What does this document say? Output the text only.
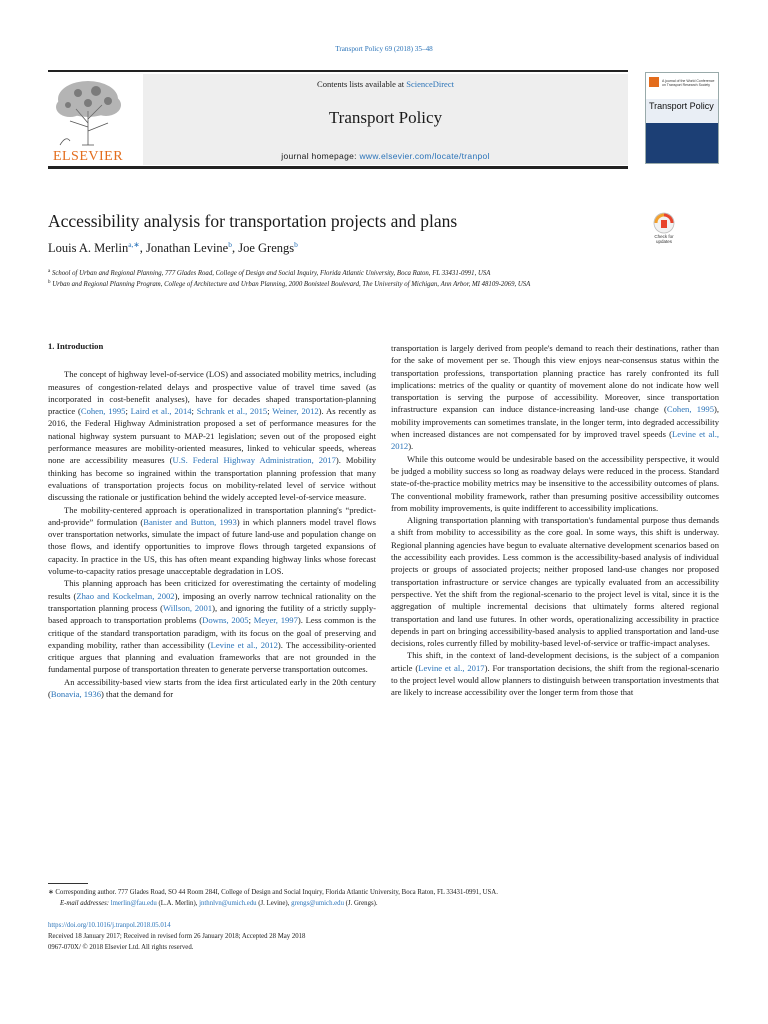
Transport Policy 69 (2018) 35–48
ELSEVIER
Contents lists available at ScienceDirect
Transport Policy
journal homepage: www.elsevier.com/locate/tranpol
A journal of the World Conference on Transport Research Society
Transport Policy
Accessibility analysis for transportation projects and plans
Louis A. Merlin$^{a,∗}$, Jonathan Levine$^b$, Joe Grengs$^b$
Check for updates
$^a$ School of Urban and Regional Planning, 777 Glades Road, College of Design and Social Inquiry, Florida Atlantic University, Boca Raton, FL 33431-0991, USA
$^b$ Urban and Regional Planning Program, College of Architecture and Urban Planning, 2000 Bonisteel Boulevard, The University of Michigan, Ann Arbor, MI 48109-2069, USA
1. Introduction

The concept of highway level-of-service (LOS) and associated mobility metrics, including measures of congestion-related delays and prospective value of travel time saved (as incorporated in cost-benefit analyses), have for decades shaped transportation-planning practice (Cohen, 1995; Laird et al., 2014; Schrank et al., 2015; Weiner, 2012). As recently as 2016, the Federal Highway Administration proposed a set of performance measures for the national highway system pursuant to MAP-21 legislation; seven out of the proposed eight performance measures are mobility-oriented measures, linked to vehicular speeds, whereas none are accessibility measures (U.S. Federal Highway Administration, 2017). Mobility thinking has become so ingrained within the transportation planning profession that many evaluations of transportation projects focus on mobility-related level of service without discussing the rationale or justification behind the widely accepted level-of-service measure.

The mobility-centered approach is operationalized in transportation planning's “predict-and-provide” formulation (Banister and Button, 1993) in which planners model travel flows over transportation networks, simulate the impact of future land-use and population change on those flows, and identify opportunities to improve flows through targeted expansions of capacity. In practice in the US, this has often meant expanding highway links whose forecast volume-to-capacity ratios presage unacceptable degradation in LOS.

This planning approach has been criticized for overestimating the certainty of modeling results (Zhao and Kockelman, 2002), imposing an overly narrow technical rationality on the transportation planning process (Willson, 2001), and ignoring the futility of a strictly supply-based approach to transportation problems (Downs, 2005; Meyer, 1997). Less common is the critique of the standard transportation paradigm, with its focus on the goal of preserving and expanding mobility, rather than accessibility (Levine et al., 2012). The accessibility-oriented critique argues that planning and evaluation frameworks that are not grounded in the fundamental purpose of transportation threaten to generate perverse transportation outcomes.

An accessibility-based view starts from the idea first articulated early in the 20th century (Bonavia, 1936) that the demand for

transportation is largely derived from people's demand to reach their destinations, rather than for the sake of movement per se. Though this view enjoys near-consensus status within the transportation professions, transportation planning practice has rarely confronted its full implications: metrics of the quality or quantity of movement alone do not indicate how well transportation is serving the purpose of accessibility. Moreover, since transportation infrastructure expansion can induce distance-increasing land-use change (Cohen, 1995), mobility improvements can sometimes translate, in the longer term, into degraded accessibility when increased distances are not compensated for by improved travel speeds (Levine et al., 2012).

While this outcome would be undesirable based on the accessibility perspective, it would be judged a mobility success so long as roadway delays were reduced in the process. Standard state-of-the-practice mobility metrics may be insensitive to the accessibility outcomes of plans. The conventional mobility framework, rather than presuming positive accessibility outcomes from mobility improvements, is quite indifferent to accessibility implications.

Aligning transportation planning with transportation's fundamental purpose thus demands a shift from mobility to accessibility as the core goal. In some ways, this shift is underway. Regional planning agencies have begun to evaluate alternative development scenarios based on the accessibility each provides. Less common is the accessibility-based analysis of individual projects or groups of associated projects; neither proposed land-use changes nor proposed transportation infrastructure or service changes are typically evaluated from an accessibility perspective. Yet the shift from the regional-scenario to the project level is vital, since it is the aggregation of multiple incremental decisions that ultimately forms altered regional transportation and land use futures. In other words, operationalizing accessibility in practice depends in part on bringing accessibility-based analysis to applied transportation and land-use decisions, roles currently filled by mobility-based level-of-service or traffic-impact analyses.

This shift, in the context of land-development decisions, is the subject of a companion article (Levine et al., 2017). For transportation decisions, the shift from the regional-scenario to the project level would allow planners to distinguish between transportation investments that are likely to increase accessibility over the longer term from those that

∗ Corresponding author. 777 Glades Road, SO 44 Room 284I, College of Design and Social Inquiry, Florida Atlantic University, Boca Raton, FL 33431-0991, USA.
E-mail addresses: lmerlin@fau.edu (L.A. Merlin), jnthnlvn@umich.edu (J. Levine), grengs@umich.edu (J. Grengs).
https://doi.org/10.1016/j.tranpol.2018.05.014
Received 18 January 2017; Received in revised form 26 January 2018; Accepted 28 May 2018
0967-070X/ © 2018 Elsevier Ltd. All rights reserved.
